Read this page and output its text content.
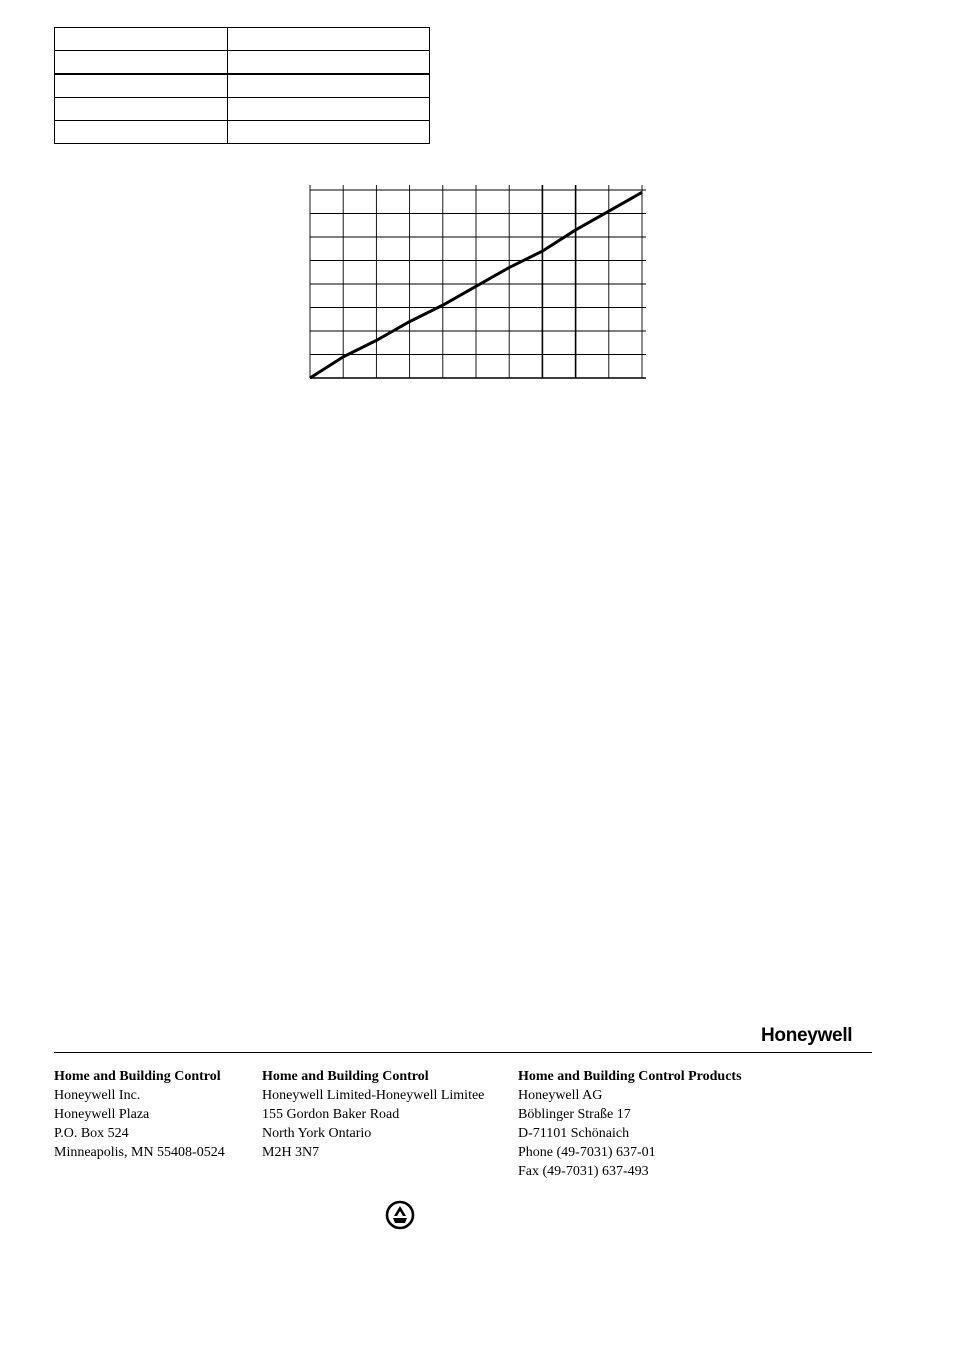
Honeywell
Home and Building Control
Honeywell Inc.
Honeywell Plaza
P.O. Box 524
Minneapolis, MN 55408-0524
Home and Building Control
Honeywell Limited-Honeywell Limitee
155 Gordon Baker Road
North York Ontario
M2H 3N7
Home and Building Control Products
Honeywell AG
Böblinger Straße 17
D-71101 Schönaich
Phone (49-7031) 637-01
Fax (49-7031) 637-493
